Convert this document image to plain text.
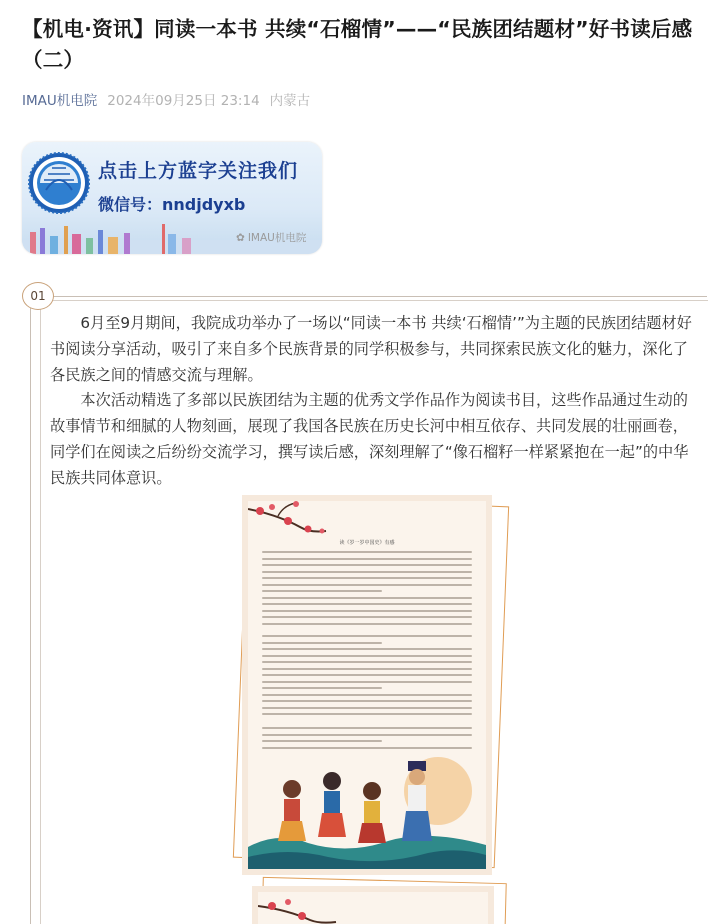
【机电·资讯】同读一本书 共续“石榴情”——“民族团结题材”好书读后感（二）
IMAU机电院 2024年09月25日 23:14 内蒙古
点击上方蓝字关注我们
微信号：nndjdyxb
✿ IMAU机电院
01

6月至9月期间，我院成功举办了一场以“同读一本书 共续‘石榴情’”为主题的民族团结题材好书阅读分享活动，吸引了来自多个民族背景的同学积极参与，共同探索民族文化的魅力，深化了各民族之间的情感交流与理解。

本次活动精选了多部以民族团结为主题的优秀文学作品作为阅读书目，这些作品通过生动的故事情节和细腻的人物刻画，展现了我国各民族在历史长河中相互依存、共同发展的壮丽画卷，同学们在阅读之后纷纷交流学习，撰写读后感，深刻理解了“像石榴籽一样紧紧抱在一起”的中华民族共同体意识。

读《岁一岁中国史》有感
